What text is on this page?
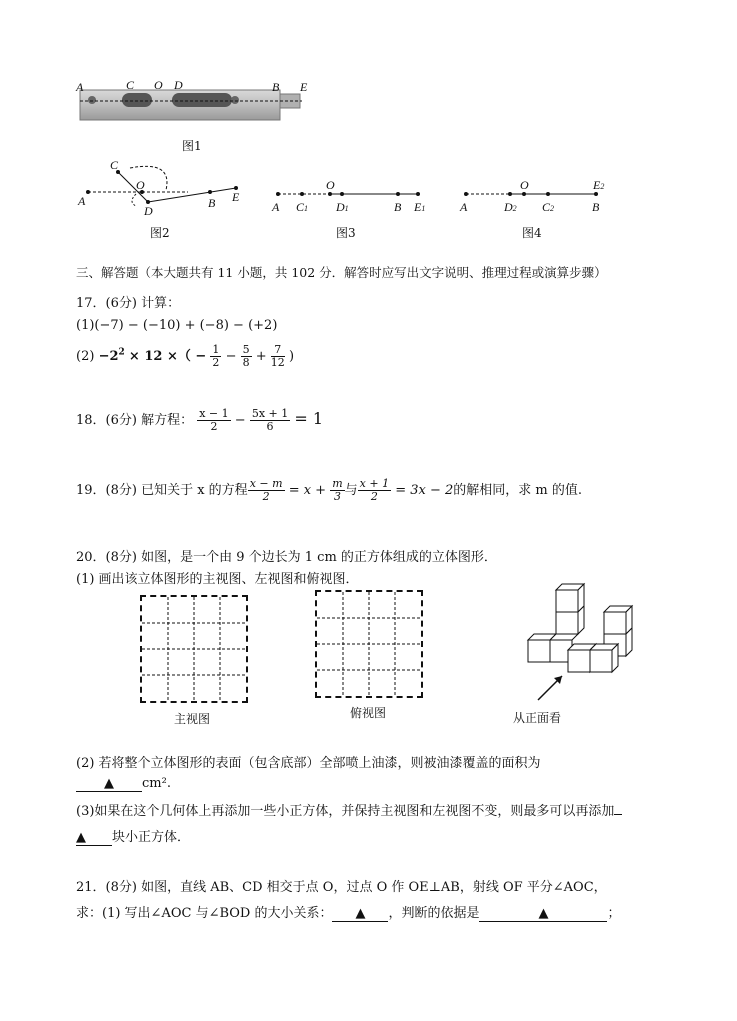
A	C O D	B E
图1
C
O
A
D
B E
图2
O
A C1 D1	B E1
图3
O	E2
A	D2 C2	B
图4
三、解答题（本大题共有 11 小题，共 102 分．解答时应写出文字说明、推理过程或演算步骤）
17．(6分) 计算：
(1)(−7) − (−10) + (−8) − (+2)
$(2) -2^2 \times 12$ ×（ − $\frac{1}{2} - \frac{5}{8} + \frac{7}{12}$ )
18．(6分) 解方程： $\frac{x - 1}{2} - \frac{5x + 1}{6} = 1$
19．(8分) 已知关于 x 的方程 $\frac{x - m}{2} = x + \frac{m}{3}$ 与 $\frac{x + 1}{2} = 3x - 2$的解相同，求 m 的值.
20．(8分) 如图，是一个由 9 个边长为 1 cm 的正方体组成的立体图形．
(1) 画出该立体图形的主视图、左视图和俯视图．
主视图	俯视图	从正面看
(2) 若将整个立体图形的表面（包含底部）全部喷上油漆，则被油漆覆盖的面积为
▲ cm².
(3)如果在这个几何体上再添加一些小正方体，并保持主视图和左视图不变，则最多可以再添加
▲ 块小正方体．
21．(8分) 如图，直线 AB、CD 相交于点 O，过点 O 作 OE⊥AB，射线 OF 平分∠AOC，
求：(1) 写出∠AOC 与∠BOD 的大小关系： ▲ ，判断的依据是	▲	；
